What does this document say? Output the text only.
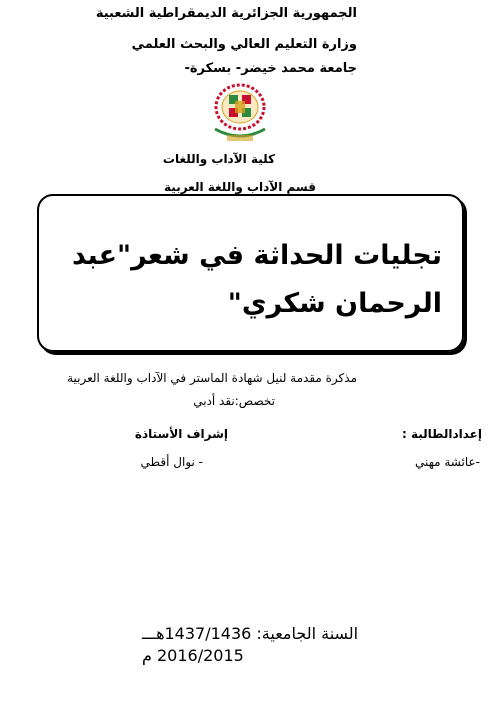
الجمهورية الجزائرية الديمقراطية الشعبية
وزارة التعليم العالي والبحث العلمي
جامعة محمد خيضر- بسكرة-
كلية الآداب واللغات
قسم الآداب واللغة العربية
تجليات الحداثة في شعر"عبد الرحمان شكري"
مذكرة مقدمة لنيل شهادة الماستر في الآداب واللغة العربية
تخصص:نقد أدبي
إعدادالطالبة :
إشراف الأستاذة
-عائشة مهني
- نوال أقطي
السنة الجامعية: 1437/1436هـــ
2016/2015 م
